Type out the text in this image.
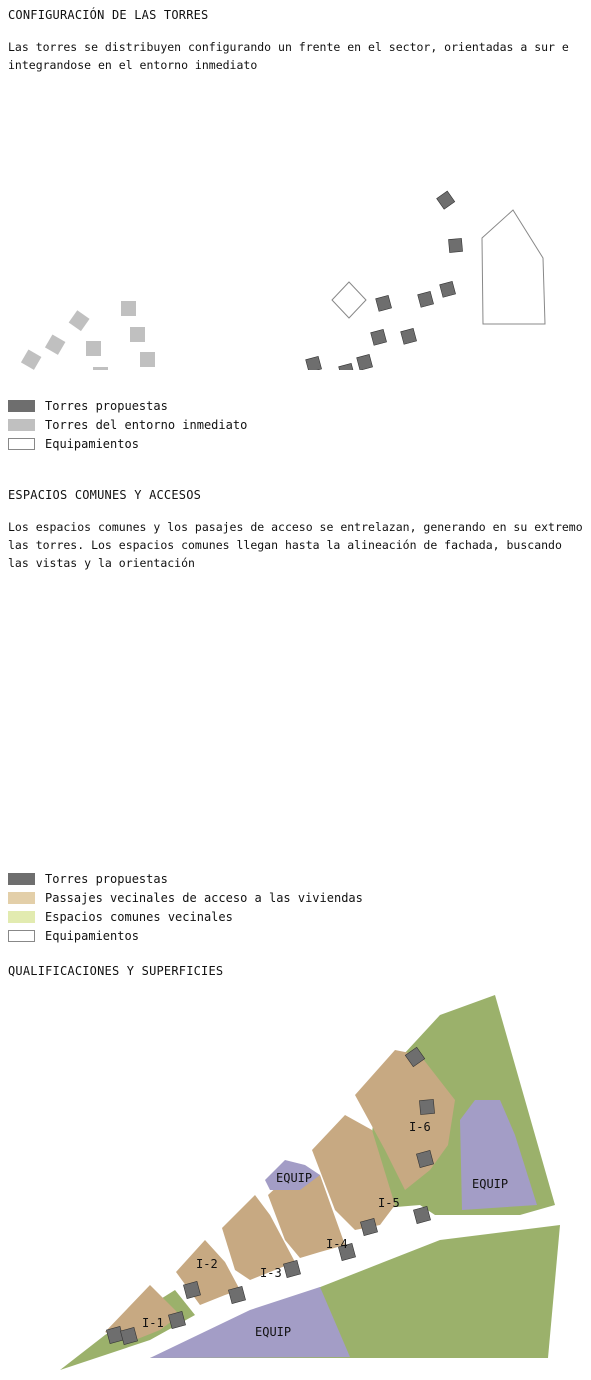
CONFIGURACIÓN DE LAS TORRES

Las torres se distribuyen configurando un frente en el sector, orientadas a sur e integrandose en el entorno inmediato

Torres propuestas
Torres del entorno inmediato
Equipamientos
ESPACIOS COMUNES Y ACCESOS

Los espacios comunes y los pasajes de acceso se entrelazan, generando en su extremo las torres. Los espacios comunes llegan hasta la alineación de fachada, buscando las vistas y la orientación

Torres propuestas
Passajes vecinales de acceso a las viviendas
Espacios comunes vecinales
Equipamientos
QUALIFICACIONES Y SUPERFICIES
I-1
I-2
I-3
I-4
I-5
I-6
EQUIP	EQUIP
EQUIP
